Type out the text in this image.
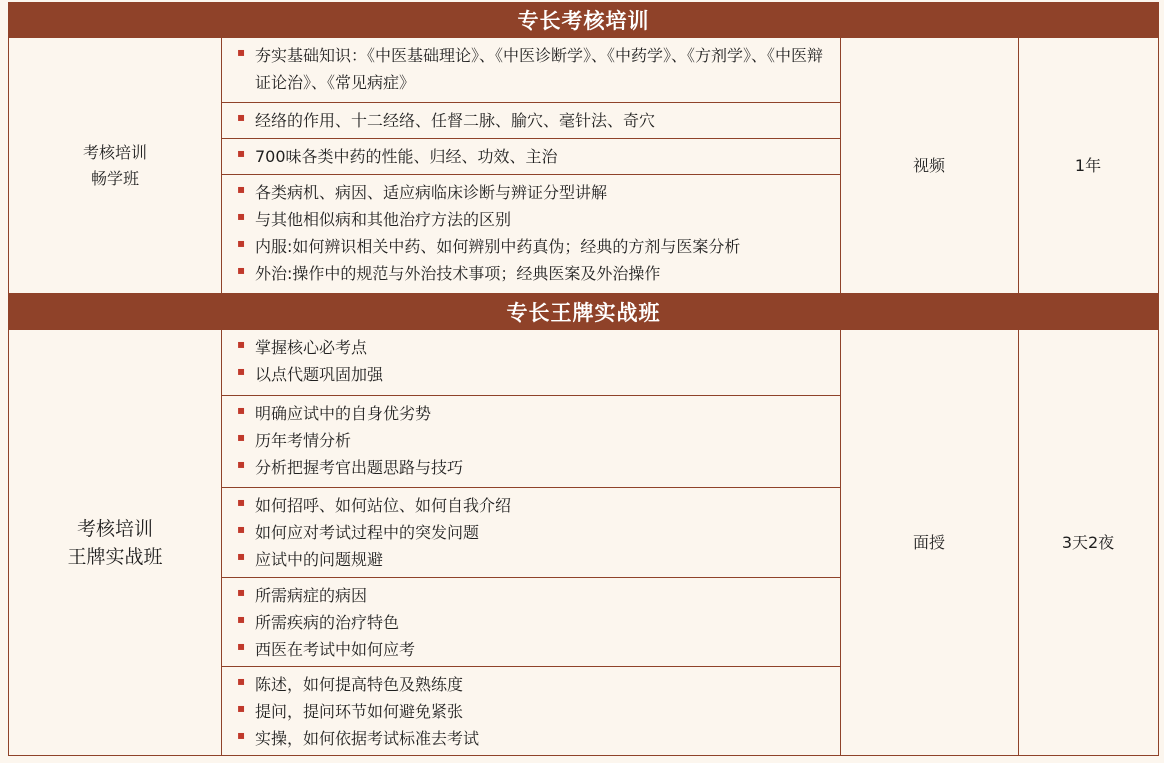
专长考核培训
考核培训
畅学班
▪ 夯实基础知识：《中医基础理论》、《中医诊断学》、《中药学》、《方剂学》、《中医辩证论治》、《常见病症》
▪ 经络的作用、十二经络、任督二脉、腧穴、毫针法、奇穴
▪ 700味各类中药的性能、归经、功效、主治
▪ 各类病机、病因、适应病临床诊断与辨证分型讲解
▪ 与其他相似病和其他治疗方法的区别
▪ 内服:如何辨识相关中药、如何辨别中药真伪；经典的方剂与医案分析
▪ 外治:操作中的规范与外治技术事项；经典医案及外治操作
视频	1年
专长王牌实战班
考核培训
王牌实战班
▪ 掌握核心必考点
▪ 以点代题巩固加强
▪ 明确应试中的自身优劣势
▪ 历年考情分析
▪ 分析把握考官出题思路与技巧
▪ 如何招呼、如何站位、如何自我介绍
▪ 如何应对考试过程中的突发问题
▪ 应试中的问题规避
▪ 所需病症的病因
▪ 所需疾病的治疗特色
▪ 西医在考试中如何应考
▪ 陈述，如何提高特色及熟练度
▪ 提问，提问环节如何避免紧张
▪ 实操，如何依据考试标准去考试
面授	3天2夜
